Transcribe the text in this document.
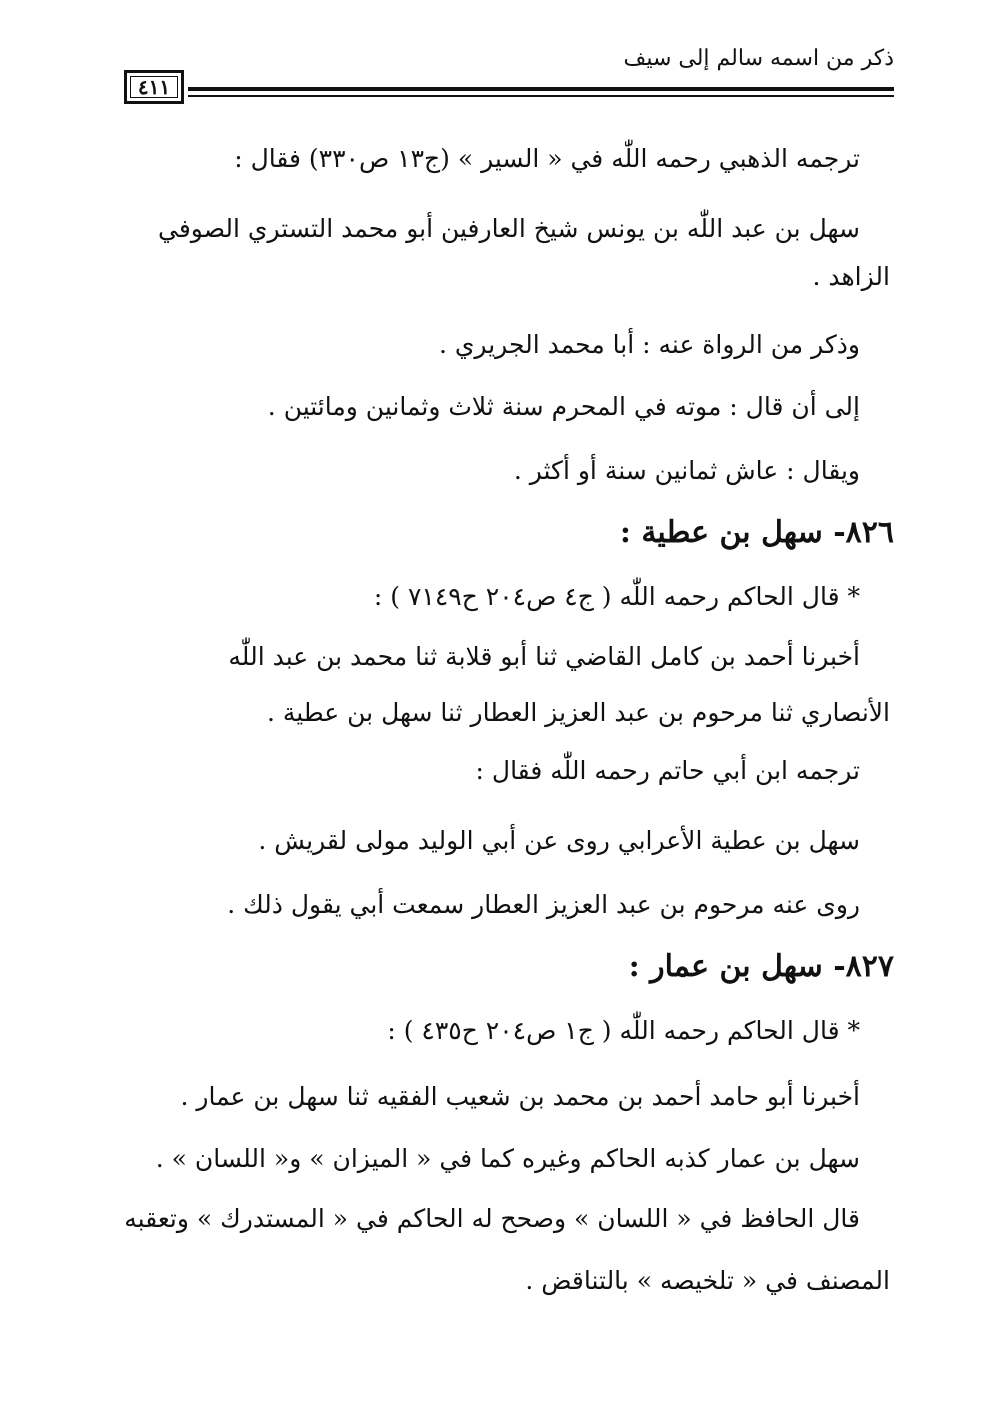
ذكر من اسمه سالم إلى سيف
٤١١
ترجمه الذهبي رحمه اللّٰه في « السير » (ج١٣ ص٣٣٠) فقال :
سهل بن عبد اللّٰه بن يونس شيخ العارفين أبو محمد التستري الصوفي
الزاهد .
وذكر من الرواة عنه : أبا محمد الجريري .
إلى أن قال : موته في المحرم سنة ثلاث وثمانين ومائتين .
ويقال : عاش ثمانين سنة أو أكثر .
٨٢٦- سهل بن عطية :
* قال الحاكم رحمه اللّٰه ( ج٤ ص٢٠٤ ح٧١٤٩ ) :
أخبرنا أحمد بن كامل القاضي ثنا أبو قلابة ثنا محمد بن عبد اللّٰه
الأنصاري ثنا مرحوم بن عبد العزيز العطار ثنا سهل بن عطية .
ترجمه ابن أبي حاتم رحمه اللّٰه فقال :
سهل بن عطية الأعرابي روى عن أبي الوليد مولى لقريش .
روى عنه مرحوم بن عبد العزيز العطار سمعت أبي يقول ذلك .
٨٢٧- سهل بن عمار :
* قال الحاكم رحمه اللّٰه ( ج١ ص٢٠٤ ح٤٣٥ ) :
أخبرنا أبو حامد أحمد بن محمد بن شعيب الفقيه ثنا سهل بن عمار .
سهل بن عمار كذبه الحاكم وغيره كما في « الميزان » و« اللسان » .
قال الحافظ في « اللسان » وصحح له الحاكم في « المستدرك » وتعقبه
المصنف في « تلخيصه » بالتناقض .
